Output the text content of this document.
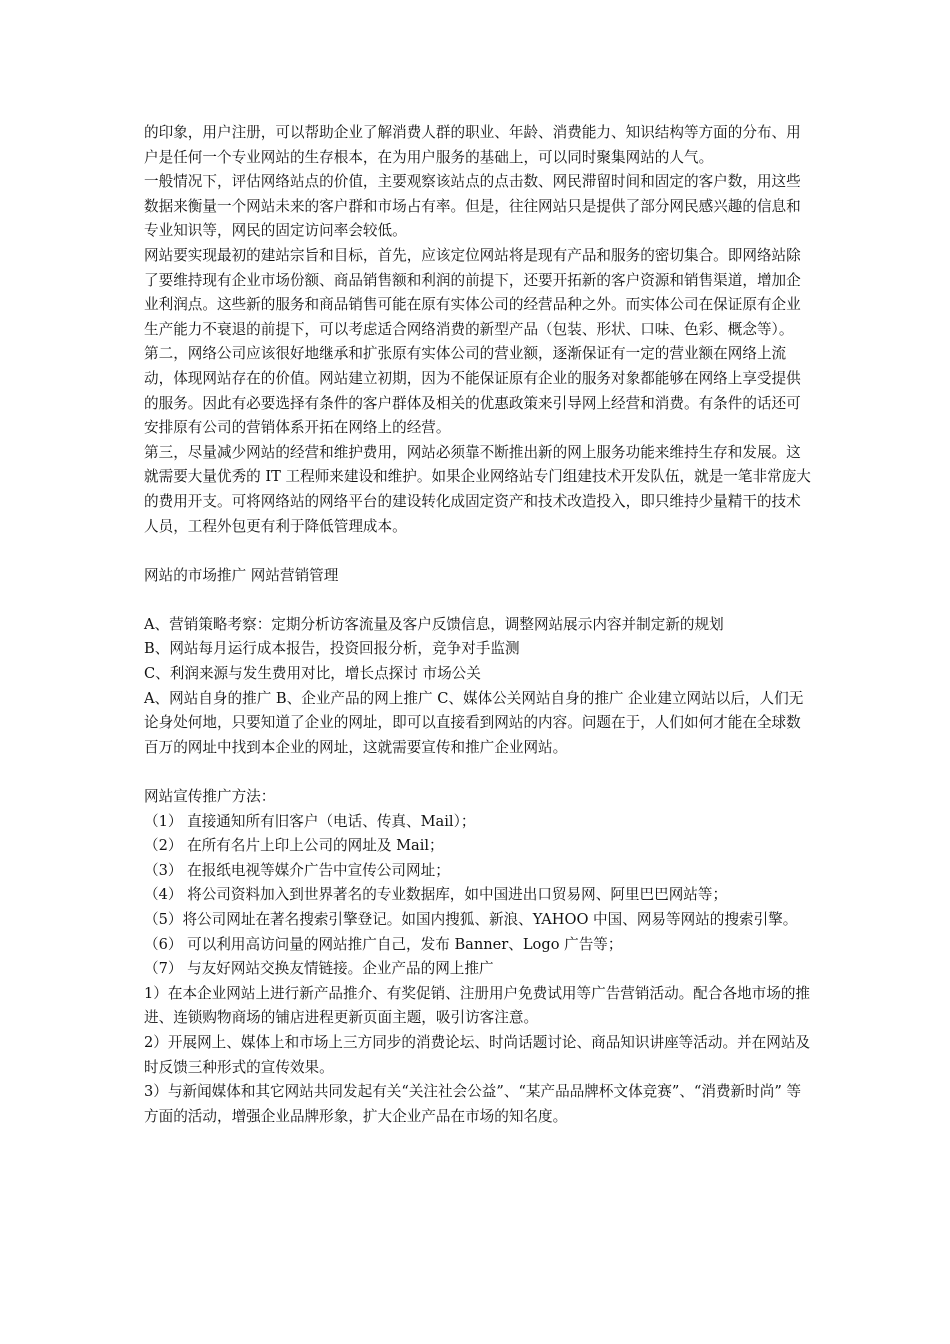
的印象，用户注册，可以帮助企业了解消费人群的职业、年龄、消费能力、知识结构等方面的分布、用户是任何一个专业网站的生存根本，在为用户服务的基础上，可以同时聚集网站的人气。

一般情况下，评估网络站点的价值，主要观察该站点的点击数、网民滞留时间和固定的客户数，用这些数据来衡量一个网站未来的客户群和市场占有率。但是，往往网站只是提供了部分网民感兴趣的信息和专业知识等，网民的固定访问率会较低。

网站要实现最初的建站宗旨和目标，首先，应该定位网站将是现有产品和服务的密切集合。即网络站除了要维持现有企业市场份额、商品销售额和利润的前提下，还要开拓新的客户资源和销售渠道，增加企业利润点。这些新的服务和商品销售可能在原有实体公司的经营品种之外。而实体公司在保证原有企业生产能力不衰退的前提下，可以考虑适合网络消费的新型产品（包装、形状、口味、色彩、概念等）。

第二，网络公司应该很好地继承和扩张原有实体公司的营业额，逐渐保证有一定的营业额在网络上流动，体现网站存在的价值。网站建立初期，因为不能保证原有企业的服务对象都能够在网络上享受提供的服务。因此有必要选择有条件的客户群体及相关的优惠政策来引导网上经营和消费。有条件的话还可安排原有公司的营销体系开拓在网络上的经营。

第三，尽量减少网站的经营和维护费用，网站必须靠不断推出新的网上服务功能来维持生存和发展。这就需要大量优秀的 IT 工程师来建设和维护。如果企业网络站专门组建技术开发队伍，就是一笔非常庞大的费用开支。可将网络站的网络平台的建设转化成固定资产和技术改造投入，即只维持少量精干的技术人员，工程外包更有利于降低管理成本。

网站的市场推广 网站营销管理

A、营销策略考察：定期分析访客流量及客户反馈信息，调整网站展示内容并制定新的规划

B、网站每月运行成本报告，投资回报分析，竞争对手监测

C、利润来源与发生费用对比，增长点探讨 市场公关

A、网站自身的推广 B、企业产品的网上推广 C、媒体公关网站自身的推广 企业建立网站以后，人们无论身处何地，只要知道了企业的网址，即可以直接看到网站的内容。问题在于，人们如何才能在全球数百万的网址中找到本企业的网址，这就需要宣传和推广企业网站。

网站宣传推广方法：

（1） 直接通知所有旧客户（电话、传真、Mail）；

（2） 在所有名片上印上公司的网址及 Mail；

（3） 在报纸电视等媒介广告中宣传公司网址；

（4） 将公司资料加入到世界著名的专业数据库，如中国进出口贸易网、阿里巴巴网站等；

（5）将公司网址在著名搜索引擎登记。如国内搜狐、新浪、YAHOO 中国、网易等网站的搜索引擎。

（6） 可以利用高访问量的网站推广自己，发布 Banner、Logo 广告等；

（7） 与友好网站交换友情链接。企业产品的网上推广

1）在本企业网站上进行新产品推介、有奖促销、注册用户免费试用等广告营销活动。配合各地市场的推进、连锁购物商场的铺店进程更新页面主题，吸引访客注意。

2）开展网上、媒体上和市场上三方同步的消费论坛、时尚话题讨论、商品知识讲座等活动。并在网站及时反馈三种形式的宣传效果。

3）与新闻媒体和其它网站共同发起有关“关注社会公益”、“某产品品牌杯文体竞赛”、“消费新时尚” 等方面的活动，增强企业品牌形象，扩大企业产品在市场的知名度。
